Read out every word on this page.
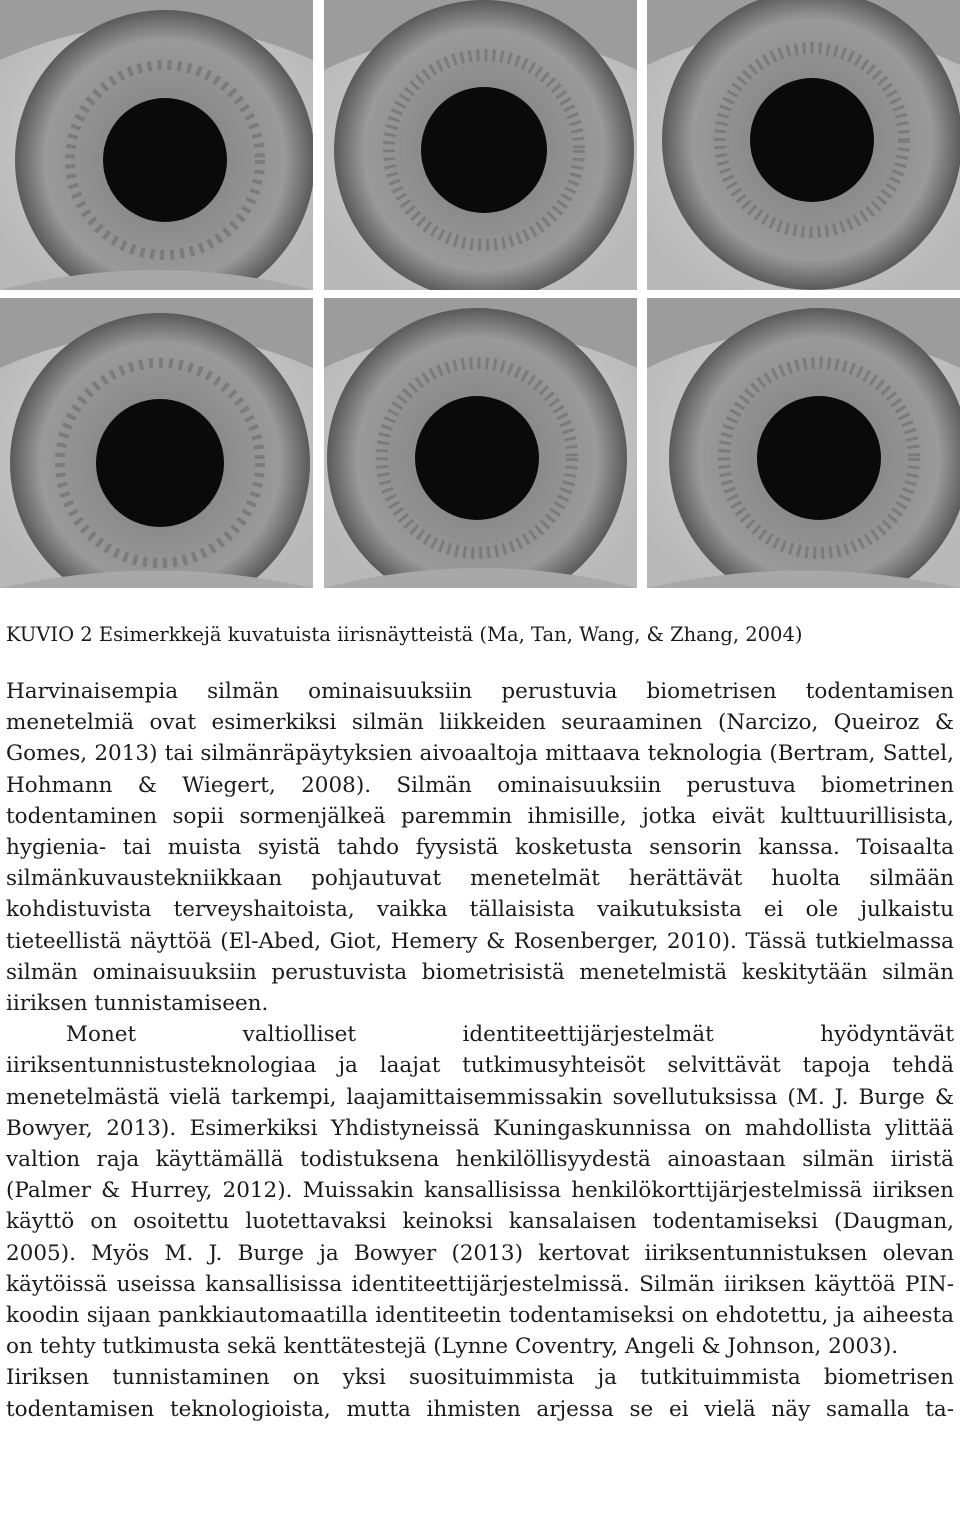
KUVIO 2 Esimerkkejä kuvatuista iirisnäytteistä (Ma, Tan, Wang, & Zhang, 2004)

Harvinaisempia silmän ominaisuuksiin perustuvia biometrisen todentamisen menetelmiä ovat esimerkiksi silmän liikkeiden seuraaminen (Narcizo, Queiroz & Gomes, 2013) tai silmänräpäytyksien aivoaaltoja mittaava teknologia (Bertram, Sattel, Hohmann & Wiegert, 2008). Silmän ominaisuuksiin perustuva biometrinen todentaminen sopii sormenjälkeä paremmin ihmisille, jotka eivät kulttuurillisista, hygienia- tai muista syistä tahdo fyysistä kosketusta sensorin kanssa. Toisaalta silmänkuvaustekniikkaan pohjautuvat menetelmät herättävät huolta silmään kohdistuvista terveyshaitoista, vaikka tällaisista vaikutuksista ei ole julkaistu tieteellistä näyttöä (El-Abed, Giot, Hemery & Rosenberger, 2010). Tässä tutkielmassa silmän ominaisuuksiin perustuvista biometrisistä menetelmistä keskitytään silmän iiriksen tunnistamiseen.

Monet valtiolliset identiteettijärjestelmät hyödyntävät iiriksentunnistusteknologiaa ja laajat tutkimusyhteisöt selvittävät tapoja tehdä menetelmästä vielä tarkempi, laajamittaisemmissakin sovellutuksissa (M. J. Burge & Bowyer, 2013). Esimerkiksi Yhdistyneissä Kuningaskunnissa on mahdollista ylittää valtion raja käyttämällä todistuksena henkilöllisyydestä ainoastaan silmän iiristä (Palmer & Hurrey, 2012). Muissakin kansallisissa henkilökorttijärjestelmissä iiriksen käyttö on osoitettu luotettavaksi keinoksi kansalaisen todentamiseksi (Daugman, 2005). Myös M. J. Burge ja Bowyer (2013) kertovat iiriksentunnistuksen olevan käytöissä useissa kansallisissa identiteettijärjestelmissä. Silmän iiriksen käyttöä PIN-koodin sijaan pankkiautomaatilla identiteetin todentamiseksi on ehdotettu, ja aiheesta on tehty tutkimusta sekä kenttätestejä (Lynne Coventry, Angeli & Johnson, 2003).

Iiriksen tunnistaminen on yksi suosituimmista ja tutkituimmista biometrisen todentamisen teknologioista, mutta ihmisten arjessa se ei vielä näy samalla ta-
